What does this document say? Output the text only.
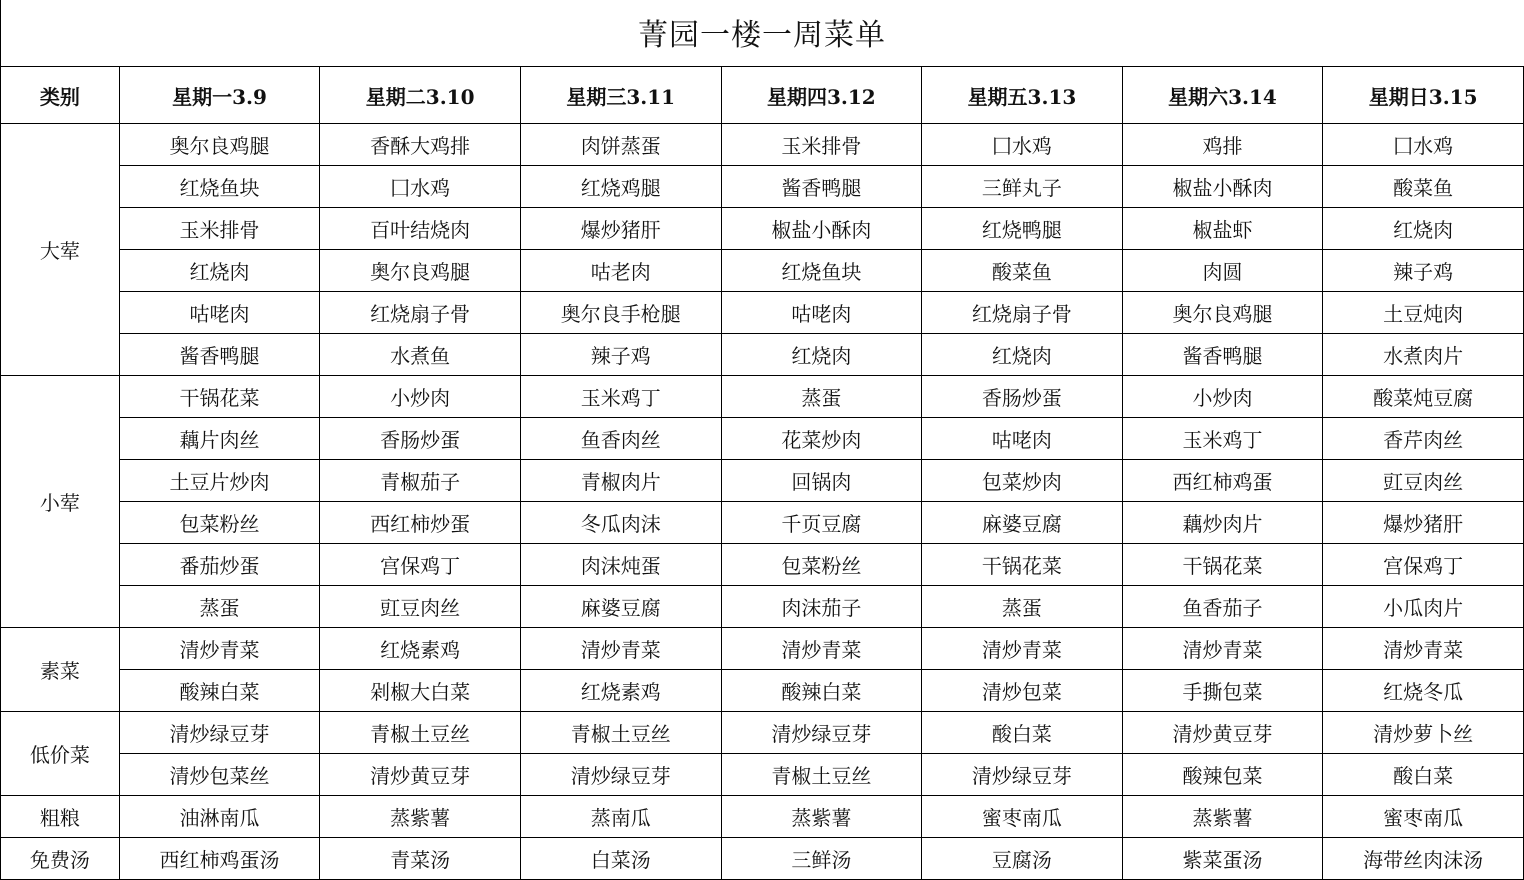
菁园一楼一周菜单
类别	星期一3.9	星期二3.10	星期三3.11	星期四3.12	星期五3.13	星期六3.14	星期日3.15
大荤	奥尔良鸡腿	香酥大鸡排	肉饼蒸蛋	玉米排骨	囗水鸡	鸡排	囗水鸡
	红烧鱼块	囗水鸡	红烧鸡腿	酱香鸭腿	三鲜丸子	椒盐小酥肉	酸菜鱼
	玉米排骨	百叶结烧肉	爆炒猪肝	椒盐小酥肉	红烧鸭腿	椒盐虾	红烧肉
	红烧肉	奥尔良鸡腿	咕老肉	红烧鱼块	酸菜鱼	肉圆	辣子鸡
	咕咾肉	红烧扇子骨	奥尔良手枪腿	咕咾肉	红烧扇子骨	奥尔良鸡腿	土豆炖肉
	酱香鸭腿	水煮鱼	辣子鸡	红烧肉	红烧肉	酱香鸭腿	水煮肉片
小荤	干锅花菜	小炒肉	玉米鸡丁	蒸蛋	香肠炒蛋	小炒肉	酸菜炖豆腐
	藕片肉丝	香肠炒蛋	鱼香肉丝	花菜炒肉	咕咾肉	玉米鸡丁	香芹肉丝
	土豆片炒肉	青椒茄子	青椒肉片	回锅肉	包菜炒肉	西红柿鸡蛋	豇豆肉丝
	包菜粉丝	西红柿炒蛋	冬瓜肉沫	千页豆腐	麻婆豆腐	藕炒肉片	爆炒猪肝
	番茄炒蛋	宫保鸡丁	肉沫炖蛋	包菜粉丝	干锅花菜	干锅花菜	宫保鸡丁
	蒸蛋	豇豆肉丝	麻婆豆腐	肉沫茄子	蒸蛋	鱼香茄子	小瓜肉片
素菜	清炒青菜	红烧素鸡	清炒青菜	清炒青菜	清炒青菜	清炒青菜	清炒青菜
	酸辣白菜	剁椒大白菜	红烧素鸡	酸辣白菜	清炒包菜	手撕包菜	红烧冬瓜
低价菜	清炒绿豆芽	青椒土豆丝	青椒土豆丝	清炒绿豆芽	酸白菜	清炒黄豆芽	清炒萝卜丝
	清炒包菜丝	清炒黄豆芽	清炒绿豆芽	青椒土豆丝	清炒绿豆芽	酸辣包菜	酸白菜
粗粮	油淋南瓜	蒸紫薯	蒸南瓜	蒸紫薯	蜜枣南瓜	蒸紫薯	蜜枣南瓜
免费汤	西红柿鸡蛋汤	青菜汤	白菜汤	三鲜汤	豆腐汤	紫菜蛋汤	海带丝肉沫汤
